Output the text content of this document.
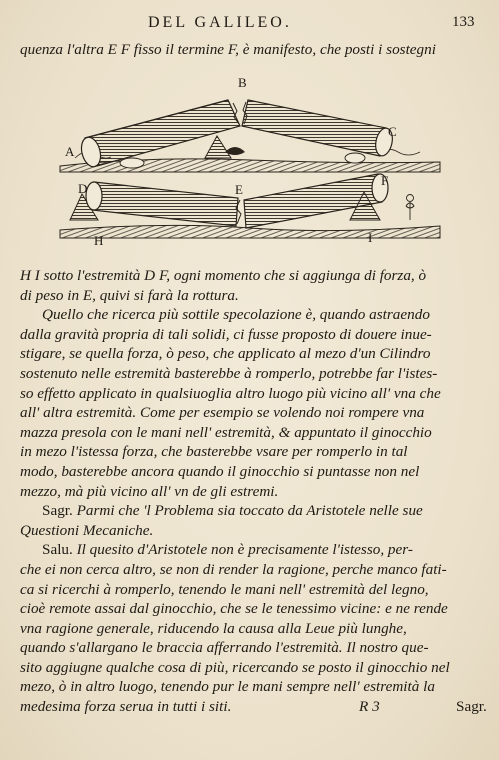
DEL GALILEO.	133
quenza l'altra E F fisso il termine F, è manifesto, che posti i sostegni
B
A
C
D	E
F
H	I
H I sotto l'estremità D F, ogni momento che si aggiunga di forza, ò
di peso in E, quivi si farà la rottura.
Quello che ricerca più sottile specolazione è, quando astraendo
dalla gravità propria di tali solidi, ci fusse proposto di douere inue-
stigare, se quella forza, ò peso, che applicato al mezo d'un Cilindro
sostenuto nelle estremità basterebbe à romperlo, potrebbe far l'istes-
so effetto applicato in qualsiuoglia altro luogo più vicino all' vna che
all' altra estremità. Come per esempio se volendo noi rompere vna
mazza presola con le mani nell' estremità, & appuntato il ginocchio
in mezo l'istessa forza, che basterebbe vsare per romperlo in tal
modo, basterebbe ancora quando il ginocchio si puntasse non nel
mezzo, mà più vicino all' vn de gli estremi.
Sagr. Parmi che 'l Problema sia toccato da Aristotele nelle sue
Questioni Mecaniche.
Salu. Il quesito d'Aristotele non è precisamente l'istesso, per-
che ei non cerca altro, se non di render la ragione, perche manco fati-
ca si ricerchi à romperlo, tenendo le mani nell' estremità del legno,
cioè remote assai dal ginocchio, che se le tenessimo vicine: e ne rende
vna ragione generale, riducendo la causa alla Leue più lunghe,
quando s'allargano le braccia afferrando l'estremità. Il nostro que-
sito aggiugne qualche cosa di più, ricercando se posto il ginocchio nel
mezo, ò in altro luogo, tenendo pur le mani sempre nell' estremità la
medesima forza serua in tutti i siti.	R 3	Sagr.
